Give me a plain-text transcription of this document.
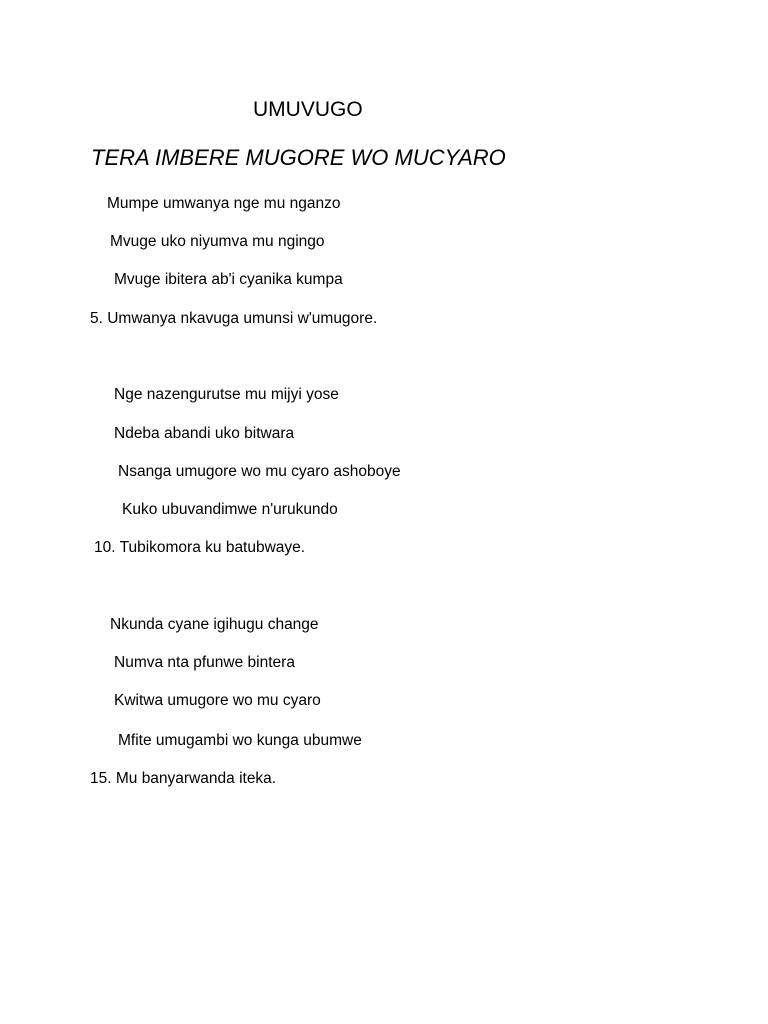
UMUVUGO
TERA IMBERE MUGORE WO MUCYARO
Mumpe umwanya nge mu nganzo
Mvuge uko niyumva mu ngingo
Mvuge ibitera ab'i cyanika kumpa
5. Umwanya nkavuga umunsi w'umugore.
Nge nazengurutse mu mijyi yose
Ndeba abandi uko bitwara
Nsanga umugore wo mu cyaro ashoboye
Kuko ubuvandimwe n'urukundo
10. Tubikomora ku batubwaye.
Nkunda cyane igihugu change
Numva nta pfunwe bintera
Kwitwa umugore wo mu cyaro
Mfite umugambi wo kunga ubumwe
15. Mu banyarwanda iteka.
